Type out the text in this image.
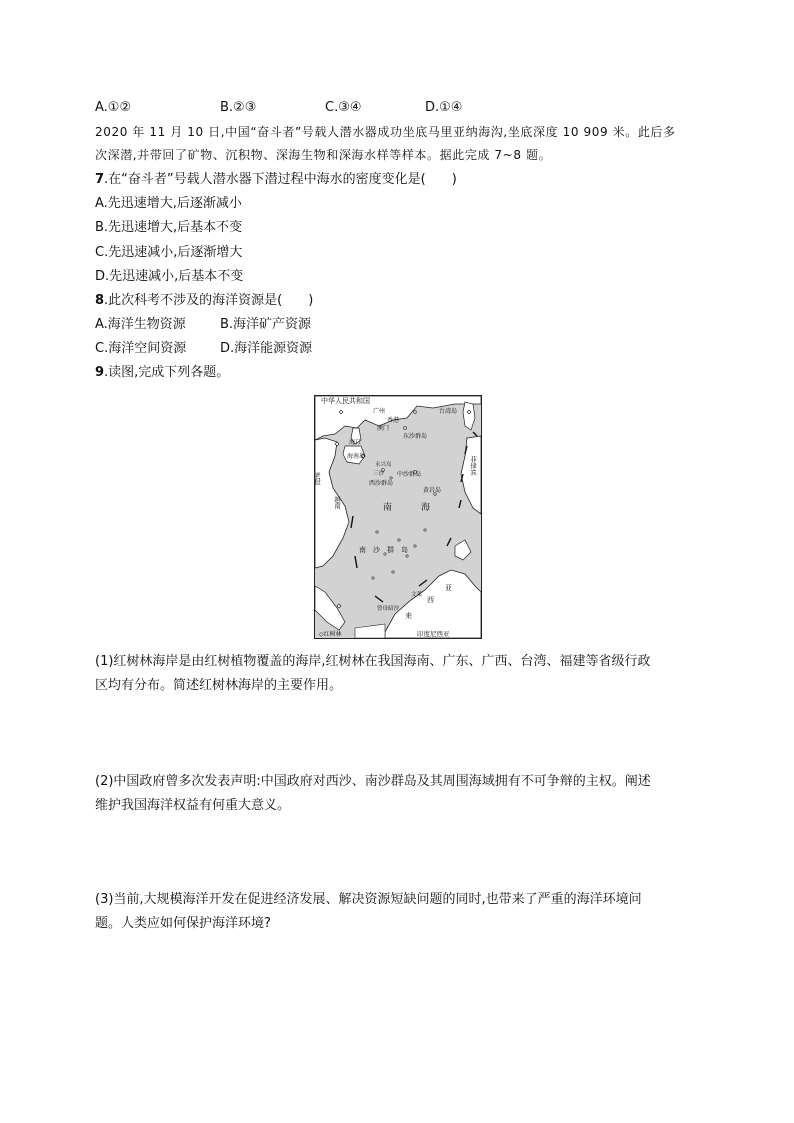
A.①②	B.②③	C.③④	D.①④
2020 年 11 月 10 日,中国“奋斗者”号载人潜水器成功坐底马里亚纳海沟,坐底深度 10 909 米。此后多
次深潜,并带回了矿物、沉积物、深海生物和深海水样等样本。据此完成 7~8 题。
7.在“奋斗者”号载人潜水器下潜过程中海水的密度变化是(　　)
A.先迅速增大,后逐渐减小
B.先迅速增大,后基本不变
C.先迅速减小,后逐渐增大
D.先迅速减小,后基本不变
8.此次科考不涉及的海洋资源是(　　)
A.海洋生物资源	B.海洋矿产资源
C.海洋空间资源	D.海洋能源资源
9.读图,完成下列各题。
中华人民共和国
广州
香港
澳门
台湾岛
海口
海南岛
东沙群岛
永兴岛
三沙 中沙群岛
西沙群岛
黄岩岛
南	海
南　沙　群　岛
曾母暗沙
文莱
西
亚
来
印度尼西亚
◇红树林
老挝
越南
菲律宾
(1)红树林海岸是由红树植物覆盖的海岸,红树林在我国海南、广东、广西、台湾、福建等省级行政
区均有分布。简述红树林海岸的主要作用。
(2)中国政府曾多次发表声明:中国政府对西沙、南沙群岛及其周围海域拥有不可争辩的主权。阐述
维护我国海洋权益有何重大意义。
(3)当前,大规模海洋开发在促进经济发展、解决资源短缺问题的同时,也带来了严重的海洋环境问
题。人类应如何保护海洋环境?
